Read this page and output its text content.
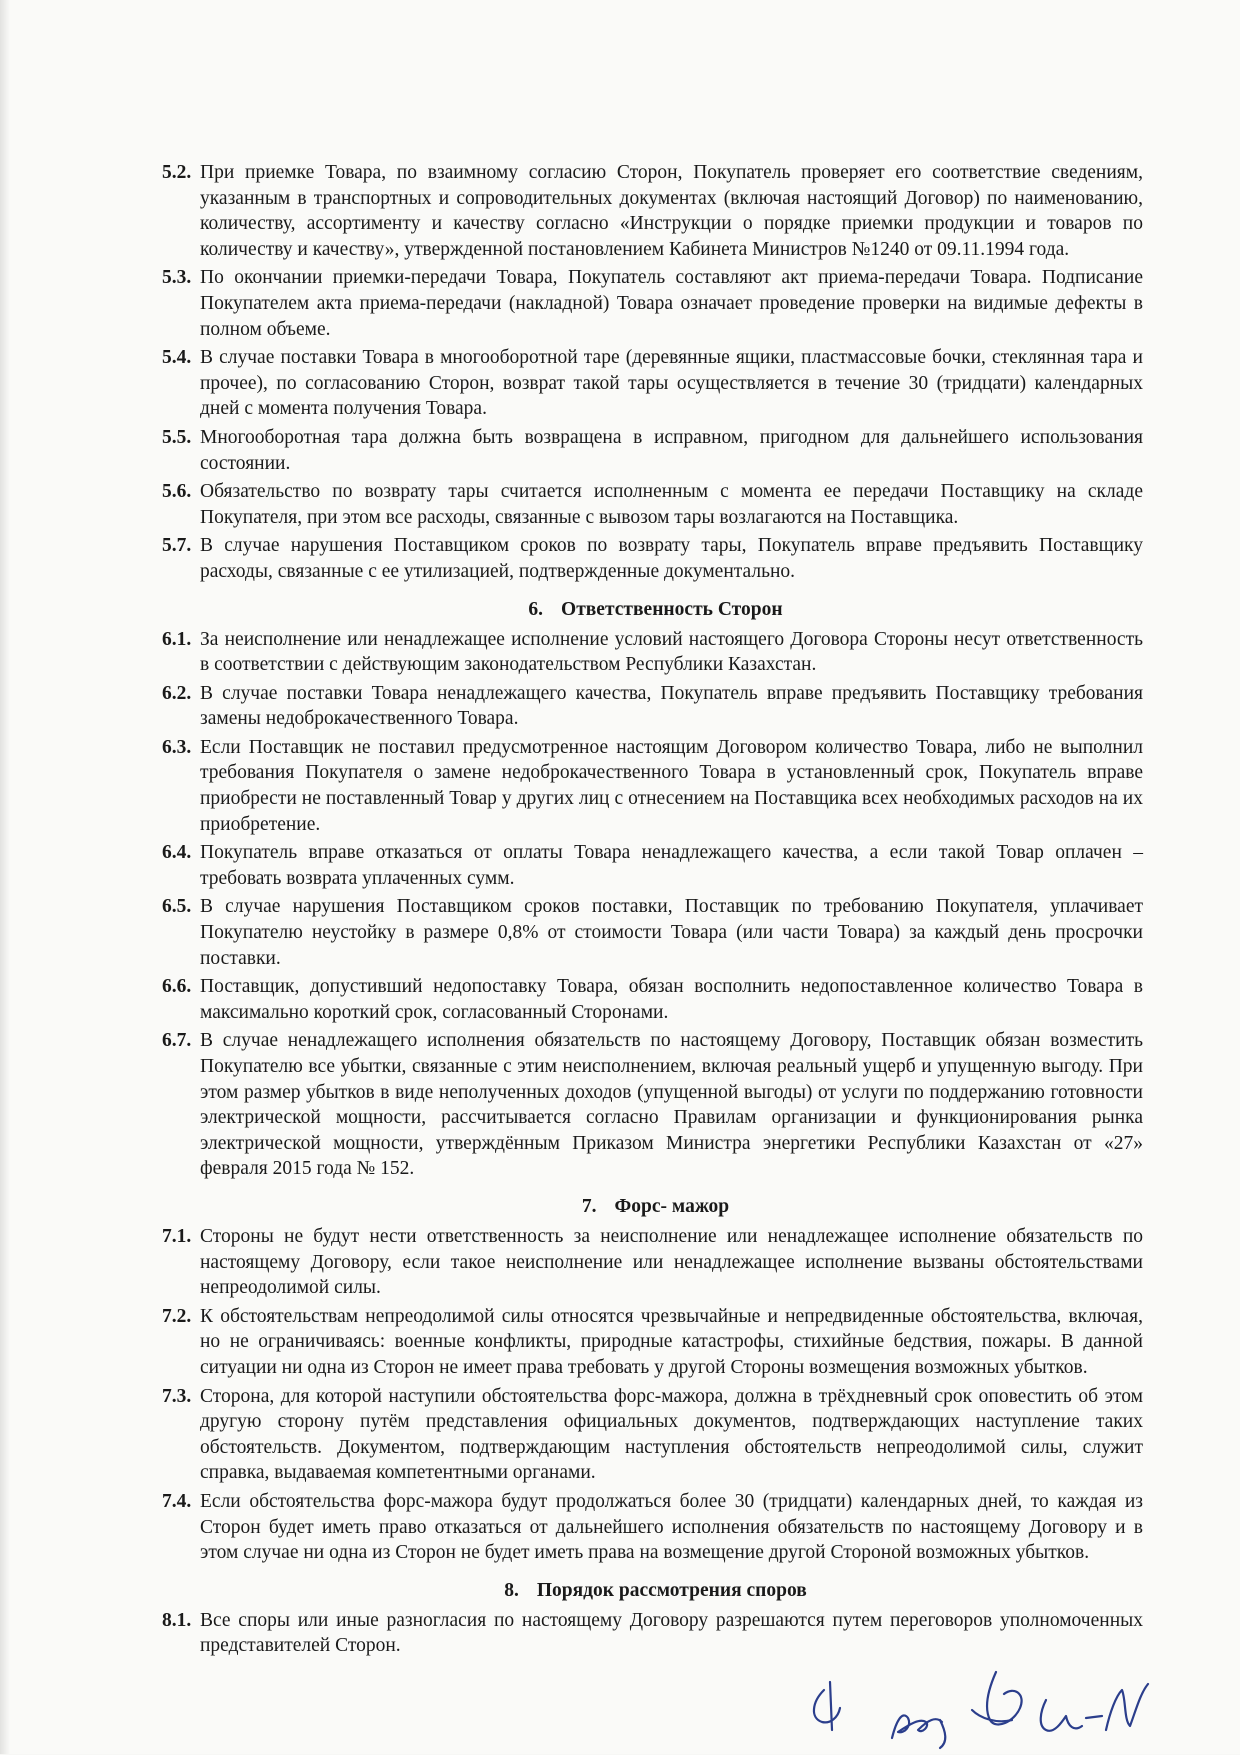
5.2. При приемке Товара, по взаимному согласию Сторон, Покупатель проверяет его соответствие сведениям, указанным в транспортных и сопроводительных документах (включая настоящий Договор) по наименованию, количеству, ассортименту и качеству согласно «Инструкции о порядке приемки продукции и товаров по количеству и качеству», утвержденной постановлением Кабинета Министров №1240 от 09.11.1994 года.
5.3. По окончании приемки-передачи Товара, Покупатель составляют акт приема-передачи Товара. Подписание Покупателем акта приема-передачи (накладной) Товара означает проведение проверки на видимые дефекты в полном объеме.
5.4. В случае поставки Товара в многооборотной таре (деревянные ящики, пластмассовые бочки, стеклянная тара и прочее), по согласованию Сторон, возврат такой тары осуществляется в течение 30 (тридцати) календарных дней с момента получения Товара.
5.5. Многооборотная тара должна быть возвращена в исправном, пригодном для дальнейшего использования состоянии.
5.6. Обязательство по возврату тары считается исполненным с момента ее передачи Поставщику на складе Покупателя, при этом все расходы, связанные с вывозом тары возлагаются на Поставщика.
5.7. В случае нарушения Поставщиком сроков по возврату тары, Покупатель вправе предъявить Поставщику расходы, связанные с ее утилизацией, подтвержденные документально.
6. Ответственность Сторон
6.1. За неисполнение или ненадлежащее исполнение условий настоящего Договора Стороны несут ответственность в соответствии с действующим законодательством Республики Казахстан.
6.2. В случае поставки Товара ненадлежащего качества, Покупатель вправе предъявить Поставщику требования замены недоброкачественного Товара.
6.3. Если Поставщик не поставил предусмотренное настоящим Договором количество Товара, либо не выполнил требования Покупателя о замене недоброкачественного Товара в установленный срок, Покупатель вправе приобрести не поставленный Товар у других лиц с отнесением на Поставщика всех необходимых расходов на их приобретение.
6.4. Покупатель вправе отказаться от оплаты Товара ненадлежащего качества, а если такой Товар оплачен – требовать возврата уплаченных сумм.
6.5. В случае нарушения Поставщиком сроков поставки, Поставщик по требованию Покупателя, уплачивает Покупателю неустойку в размере 0,8% от стоимости Товара (или части Товара) за каждый день просрочки поставки.
6.6. Поставщик, допустивший недопоставку Товара, обязан восполнить недопоставленное количество Товара в максимально короткий срок, согласованный Сторонами.
6.7. В случае ненадлежащего исполнения обязательств по настоящему Договору, Поставщик обязан возместить Покупателю все убытки, связанные с этим неисполнением, включая реальный ущерб и упущенную выгоду. При этом размер убытков в виде неполученных доходов (упущенной выгоды) от услуги по поддержанию готовности электрической мощности, рассчитывается согласно Правилам организации и функционирования рынка электрической мощности, утверждённым Приказом Министра энергетики Республики Казахстан от «27» февраля 2015 года № 152.
7. Форс- мажор
7.1. Стороны не будут нести ответственность за неисполнение или ненадлежащее исполнение обязательств по настоящему Договору, если такое неисполнение или ненадлежащее исполнение вызваны обстоятельствами непреодолимой силы.
7.2. К обстоятельствам непреодолимой силы относятся чрезвычайные и непредвиденные обстоятельства, включая, но не ограничиваясь: военные конфликты, природные катастрофы, стихийные бедствия, пожары. В данной ситуации ни одна из Сторон не имеет права требовать у другой Стороны возмещения возможных убытков.
7.3. Сторона, для которой наступили обстоятельства форс-мажора, должна в трёхдневный срок оповестить об этом другую сторону путём представления официальных документов, подтверждающих наступление таких обстоятельств. Документом, подтверждающим наступления обстоятельств непреодолимой силы, служит справка, выдаваемая компетентными органами.
7.4. Если обстоятельства форс-мажора будут продолжаться более 30 (тридцати) календарных дней, то каждая из Сторон будет иметь право отказаться от дальнейшего исполнения обязательств по настоящему Договору и в этом случае ни одна из Сторон не будет иметь права на возмещение другой Стороной возможных убытков.
8. Порядок рассмотрения споров
8.1. Все споры или иные разногласия по настоящему Договору разрешаются путем переговоров уполномоченных представителей Сторон.
